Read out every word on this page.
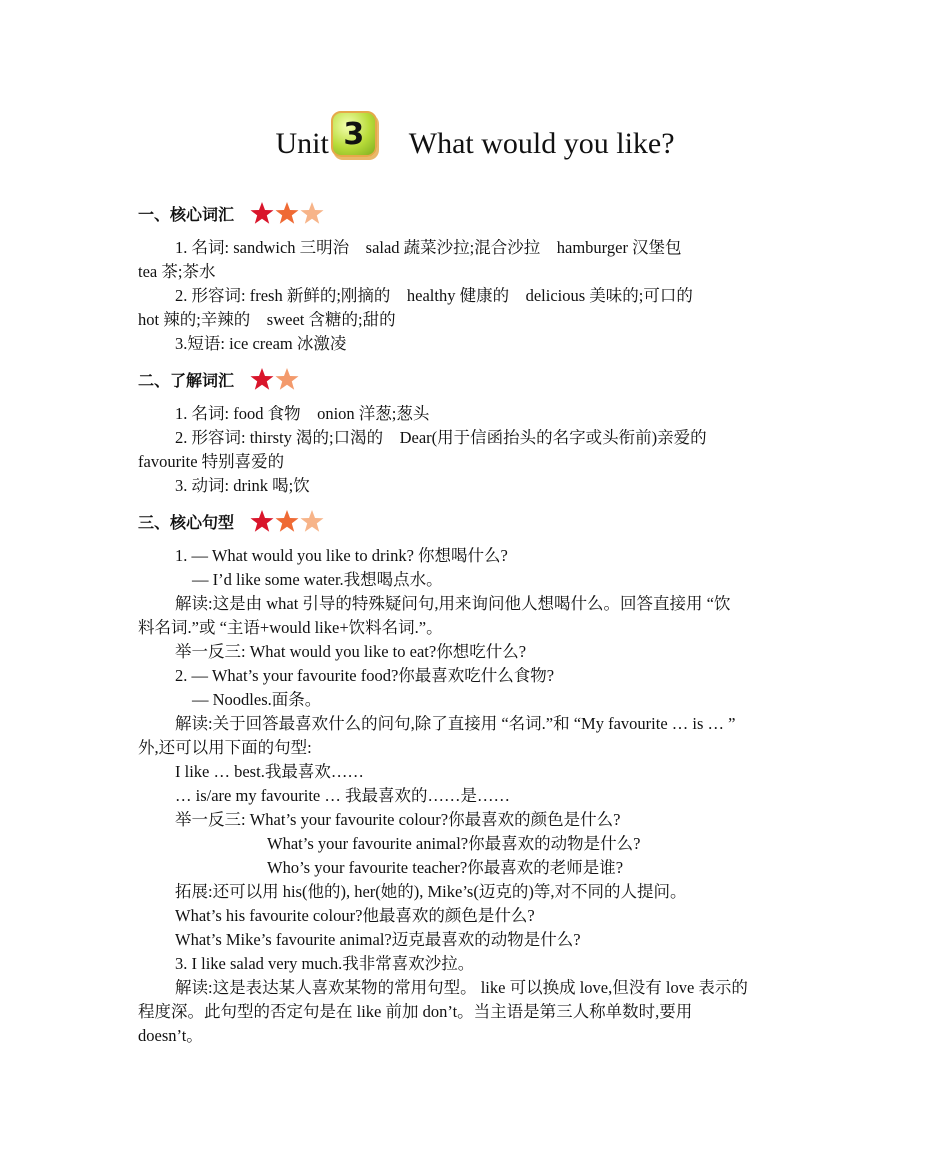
Unit 3	What would you like?
一、核心词汇

1. 名词: sandwich 三明治　salad 蔬菜沙拉;混合沙拉　hamburger 汉堡包

tea 茶;茶水

2. 形容词: fresh 新鲜的;刚摘的　healthy 健康的　delicious 美味的;可口的

hot 辣的;辛辣的　sweet 含糖的;甜的

3.短语: ice cream 冰激凌

二、了解词汇

1. 名词: food 食物　onion 洋葱;葱头

2. 形容词: thirsty 渴的;口渴的　Dear(用于信函抬头的名字或头衔前)亲爱的

favourite 特别喜爱的

3. 动词: drink 喝;饮

三、核心句型

1. — What would you like to drink? 你想喝什么?

— I’d like some water.我想喝点水。

解读:这是由 what 引导的特殊疑问句,用来询问他人想喝什么。回答直接用 “饮

料名词.”或 “主语+would like+饮料名词.”。

举一反三: What would you like to eat?你想吃什么?

2. — What’s your favourite food?你最喜欢吃什么食物?

— Noodles.面条。

解读:关于回答最喜欢什么的问句,除了直接用 “名词.”和 “My favourite … is … ”

外,还可以用下面的句型:

I like … best.我最喜欢……

… is/are my favourite … 我最喜欢的……是……

举一反三: What’s your favourite colour?你最喜欢的颜色是什么?

What’s your favourite animal?你最喜欢的动物是什么?

Who’s your favourite teacher?你最喜欢的老师是谁?

拓展:还可以用 his(他的), her(她的), Mike’s(迈克的)等,对不同的人提问。

What’s his favourite colour?他最喜欢的颜色是什么?

What’s Mike’s favourite animal?迈克最喜欢的动物是什么?

3. I like salad very much.我非常喜欢沙拉。

解读:这是表达某人喜欢某物的常用句型。 like 可以换成 love,但没有 love 表示的

程度深。此句型的否定句是在 like 前加 don’t。当主语是第三人称单数时,要用

doesn’t。
